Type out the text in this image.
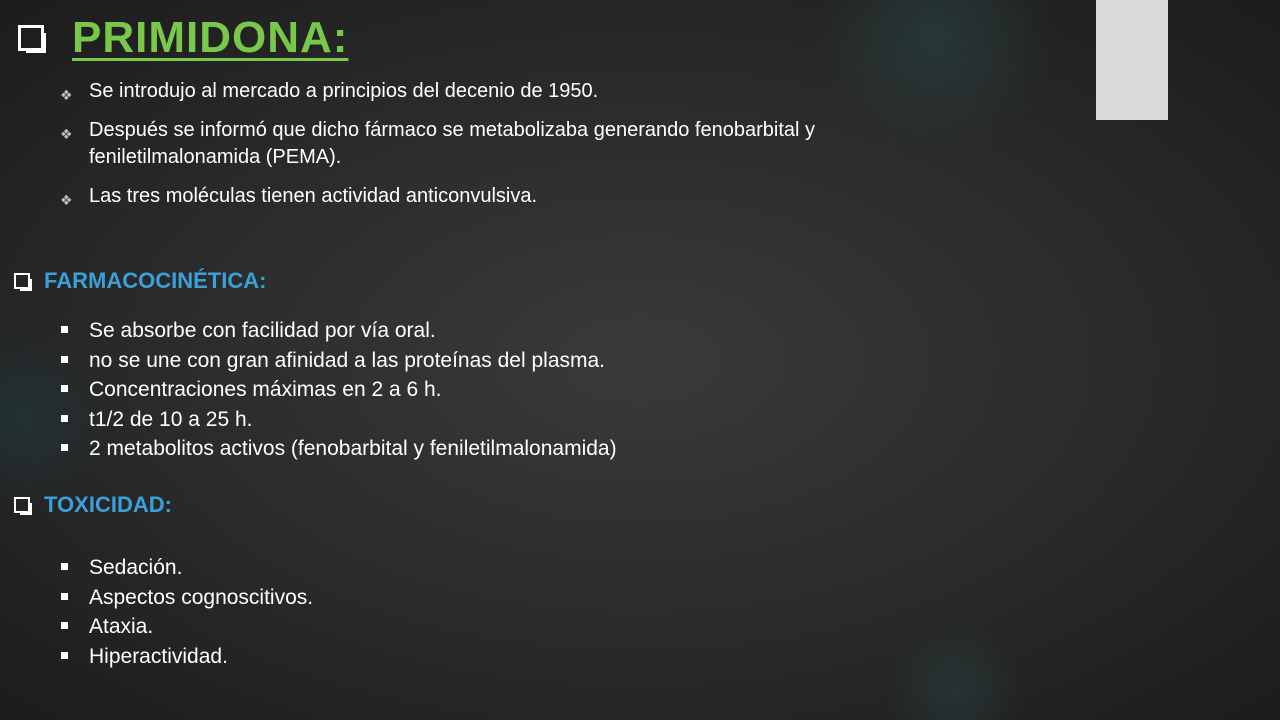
PRIMIDONA:
❖ Se introdujo al mercado a principios del decenio de 1950.
❖ Después se informó que dicho fármaco se metabolizaba generando fenobarbital y feniletilmalonamida (PEMA).
❖ Las tres moléculas tienen actividad anticonvulsiva.
FARMACOCINÉTICA:
Se absorbe con facilidad por vía oral.
no se une con gran afinidad a las proteínas del plasma.
Concentraciones máximas en 2 a 6 h.
t1/2 de 10 a 25 h.
2 metabolitos activos (fenobarbital y feniletilmalonamida)
TOXICIDAD:
Sedación.
Aspectos cognoscitivos.
Ataxia.
Hiperactividad.
